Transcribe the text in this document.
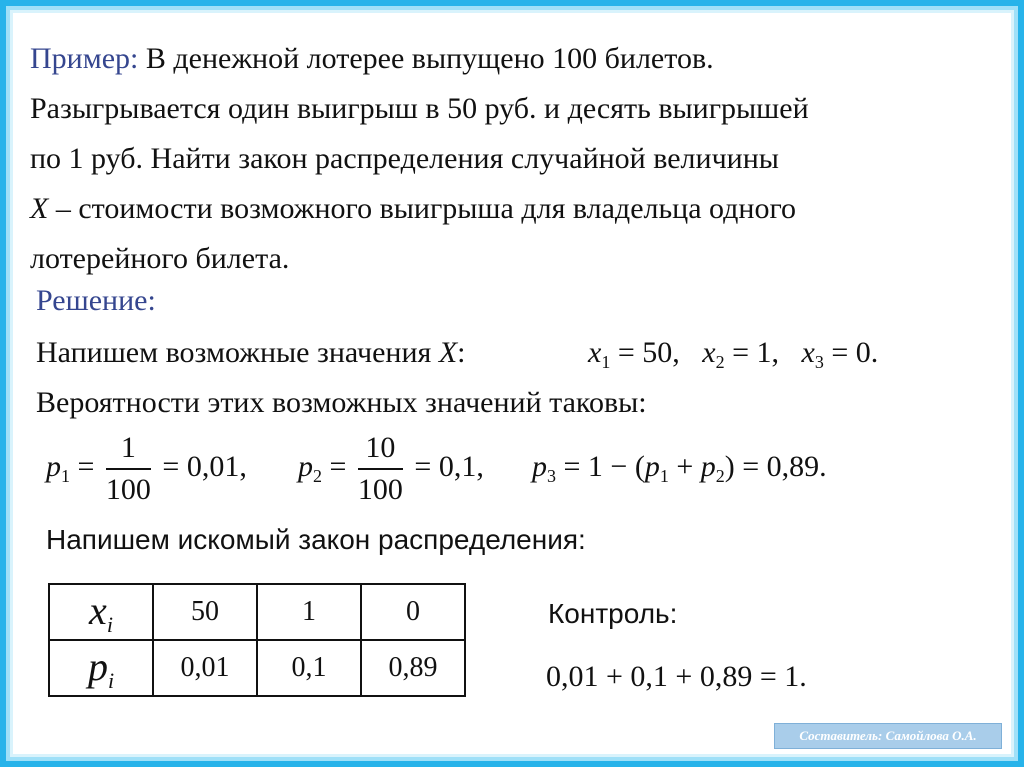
Пример: В денежной лотерее выпущено 100 билетов.

Разыгрывается один выигрыш в 50 руб. и десять выигрышей

по 1 руб. Найти закон распределения случайной величины

X – стоимости возможного выигрыша для владельца одного

лотерейного билета.

Решение:
Напишем возможные значения X:	$x_1 = 50$, $x_2 = 1$, $x_3 = 0$.
Вероятности этих возможных значений таковы:
$p_1 = \frac{1}{100} = 0,01$, $p_2 = \frac{10}{100} = 0,1$, $p_3 = 1 - (p_1 + p_2) = 0,89$.
Напишем искомый закон распределения:
$x_i$	50	1	0
$p_i$	0,01	0,1	0,89
Контроль:
0,01 + 0,1 + 0,89 = 1.
Составитель: Самойлова О.А.
